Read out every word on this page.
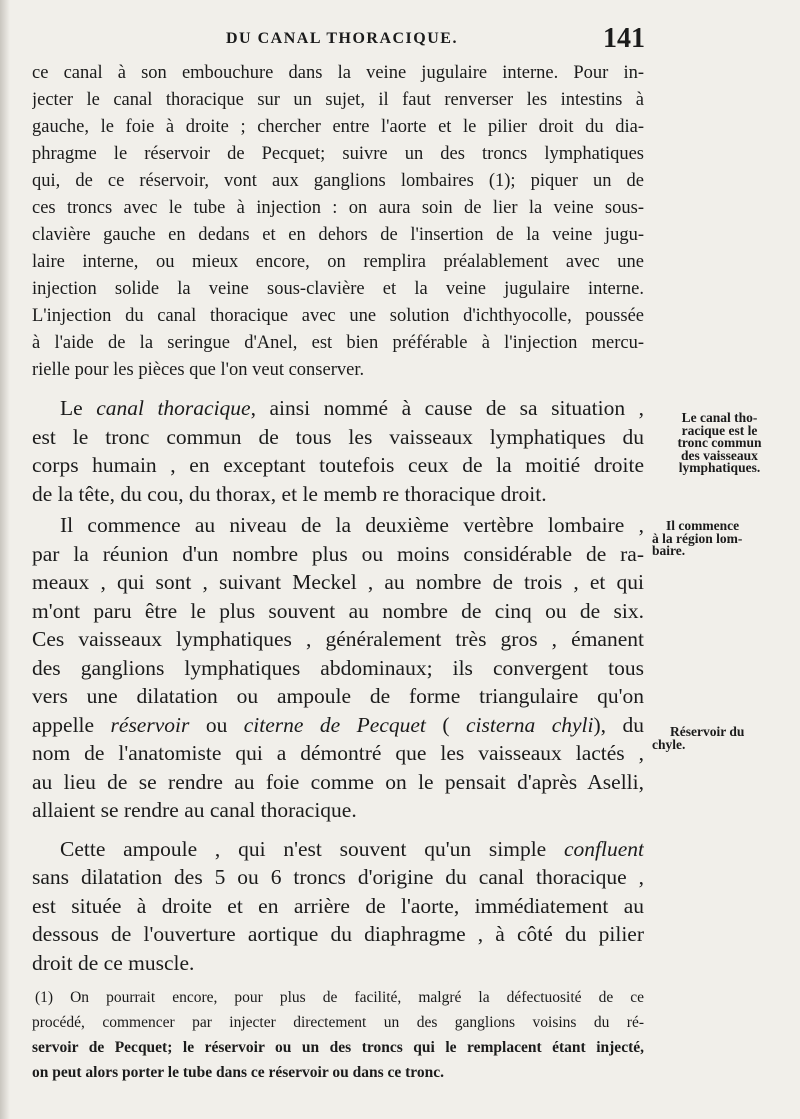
DU CANAL THORACIQUE.	141
ce canal à son embouchure dans la veine jugulaire interne. Pour in-
jecter le canal thoracique sur un sujet, il faut renverser les intestins à
gauche, le foie à droite ; chercher entre l'aorte et le pilier droit du dia-
phragme le réservoir de Pecquet; suivre un des troncs lymphatiques
qui, de ce réservoir, vont aux ganglions lombaires (1); piquer un de
ces troncs avec le tube à injection : on aura soin de lier la veine sous-
clavière gauche en dedans et en dehors de l'insertion de la veine jugu-
laire interne, ou mieux encore, on remplira préalablement avec une
injection solide la veine sous-clavière et la veine jugulaire interne.
L'injection du canal thoracique avec une solution d'ichthyocolle, poussée
à l'aide de la seringue d'Anel, est bien préférable à l'injection mercu-
rielle pour les pièces que l'on veut conserver.
Le canal thoracique, ainsi nommé à cause de sa situation ,
est le tronc commun de tous les vaisseaux lymphatiques du
corps humain , en exceptant toutefois ceux de la moitié droite
de la tête, du cou, du thorax, et le memb re thoracique droit.
Il commence au niveau de la deuxième vertèbre lombaire ,
par la réunion d'un nombre plus ou moins considérable de ra-
meaux , qui sont , suivant Meckel , au nombre de trois , et qui
m'ont paru être le plus souvent au nombre de cinq ou de six.
Ces vaisseaux lymphatiques , généralement très gros , émanent
des ganglions lymphatiques abdominaux; ils convergent tous
vers une dilatation ou ampoule de forme triangulaire qu'on
appelle réservoir ou citerne de Pecquet ( cisterna chyli), du
nom de l'anatomiste qui a démontré que les vaisseaux lactés ,
au lieu de se rendre au foie comme on le pensait d'après Aselli,
allaient se rendre au canal thoracique.
Cette ampoule , qui n'est souvent qu'un simple confluent
sans dilatation des 5 ou 6 troncs d'origine du canal thoracique ,
est située à droite et en arrière de l'aorte, immédiatement au
dessous de l'ouverture aortique du diaphragme , à côté du pilier
droit de ce muscle.
(1) On pourrait encore, pour plus de facilité, malgré la défectuosité de ce
procédé, commencer par injecter directement un des ganglions voisins du ré-
servoir de Pecquet; le réservoir ou un des troncs qui le remplacent étant injecté,
on peut alors porter le tube dans ce réservoir ou dans ce tronc.
Le canal tho-
racique est le
tronc commun
des vaisseaux
lymphatiques.
Il commence
à la région lom-
baire.
Réservoir du
chyle.
